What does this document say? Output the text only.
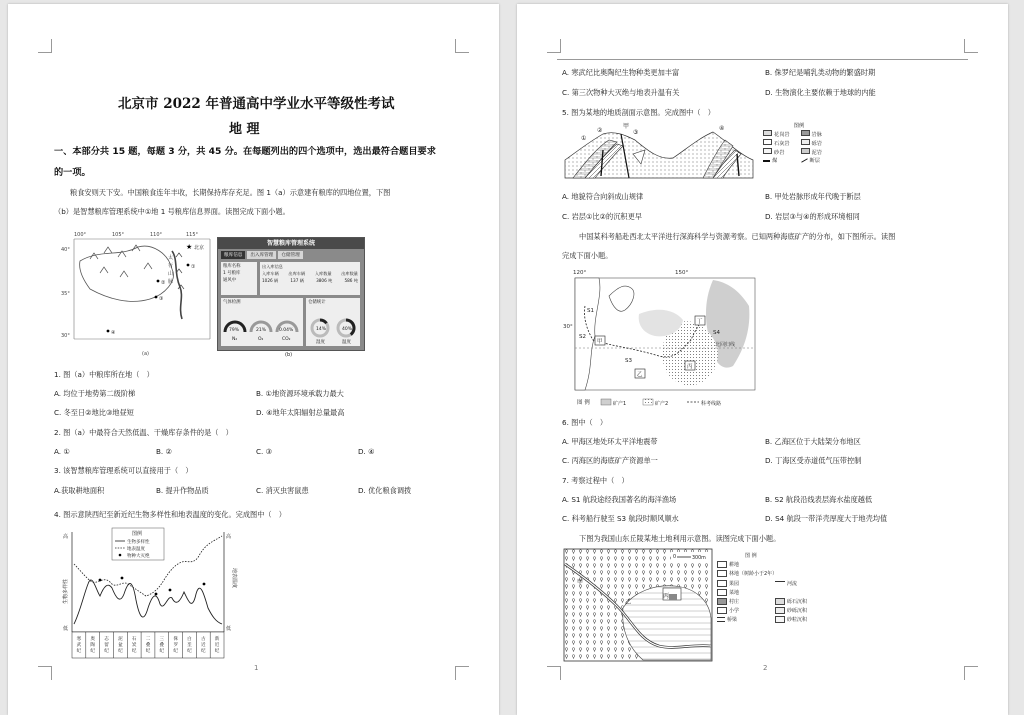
北京市 2022 年普通高中学业水平等级性考试
地 理
一、本部分共 15 题，每题 3 分，共 45 分。在每题列出的四个选项中，选出最符合题目要求
的一项。
粮食安则天下安。中国粮食连年丰收，长期保持库存充足。图 1（a）示意建有粮库的四地位置，下图
（b）是智慧粮库管理系统中①地 1 号粮库信息界面。读图完成下面小题。
100°	105°	110°	115°
40°
35°
30°
太
行
山
脉
★ 北京
①
②
③
④
(a)
智慧粮库管理系统
粮库信息	出入库管理	仓储管理
粮库名称
1 号粮库
通风中
出入库信息
入库车辆 出库车辆 入库数量 出库数量
1026 辆	137 辆	3806 吨	586 吨
气体检测
79%	21%	0.04%
N₂	O₂	CO₂
仓储统计
14%	40%
湿度	温度
(b)
1. 图（a）中粮库所在地（　）
A. 均位于地势第二级阶梯	B. ①地资源环境承载力最大
C. 冬至日②地比③地昼短	D. ④地年太阳辐射总量最高
2. 图（a）中最符合天然低温、干燥库存条件的是（　）
A. ①	B. ②	C. ③	D. ④
3. 该智慧粮库管理系统可以直接用于（　）
A.获取耕地面积	B. 提升作物品质	C. 消灭虫害鼠患	D. 优化粮食调拨
4. 图示意陕西纪至新近纪生物多样性和地表温度的变化。完成图中（　）
高	高
低	低
生物多样性
地表温度
图例
生物多样性
地表温度
物种大灭绝
寒
武
纪
奥
陶
纪
志
留
纪
泥
盆
纪
石
炭
纪
二
叠
纪
三
叠
纪
侏
罗
纪
白
垩
纪
古
近
纪
新
近
纪
1
A. 寒武纪比奥陶纪生物种类更加丰富	B. 侏罗纪是哺乳类动物的繁盛时期
C. 第三次物种大灭绝与地表升温有关	D. 生物演化主要依赖于地球的内能
5. 图为某地的地质剖面示意图。完成图中（　）
①
②
甲
③
④	图例
花岗岩	岩脉
石灰岩	砾岩
砂岩	泥岩
煤	断层
A. 地貌符合向斜成山规律	B. 甲处岩脉形成年代晚于断层
C. 岩层①比②的沉积更早	D. 岩层③与④的形成环境相同
中国某科考船赴西北太平洋进行深海科学与资源考察。已知两种海底矿产的分布，如下图所示。读图
完成下面小题。
120°	150°
30°
北回归线
S1
S2
S3
S4
甲
乙
丙
丁
图 例	矿产1	矿产2	科考线路
6. 图中（　）
A. 甲海区地处环太平洋地震带	B. 乙海区位于大陆架分布地区
C. 丙海区的海底矿产资源单一	D. 丁海区受赤道低气压带控制
7. 考察过程中（　）
A. S1 航段途经我国著名的海洋渔场	B. S2 航段沿线表层海水盐度越低
C. 科考船行驶至 S3 航段时顺风顺水	D. S4 航段一带洋壳厚度大于地壳均值
下图为我国山东丘陵某地土地利用示意图。读图完成下面小题。
甲
乙
丙
0	300m	图 例
耕地
林地（树龄小于2年）
果园	河流
菜地
村庄	砾石沉积
小学	砂砾沉积
桥梁	砂粒沉积
2
